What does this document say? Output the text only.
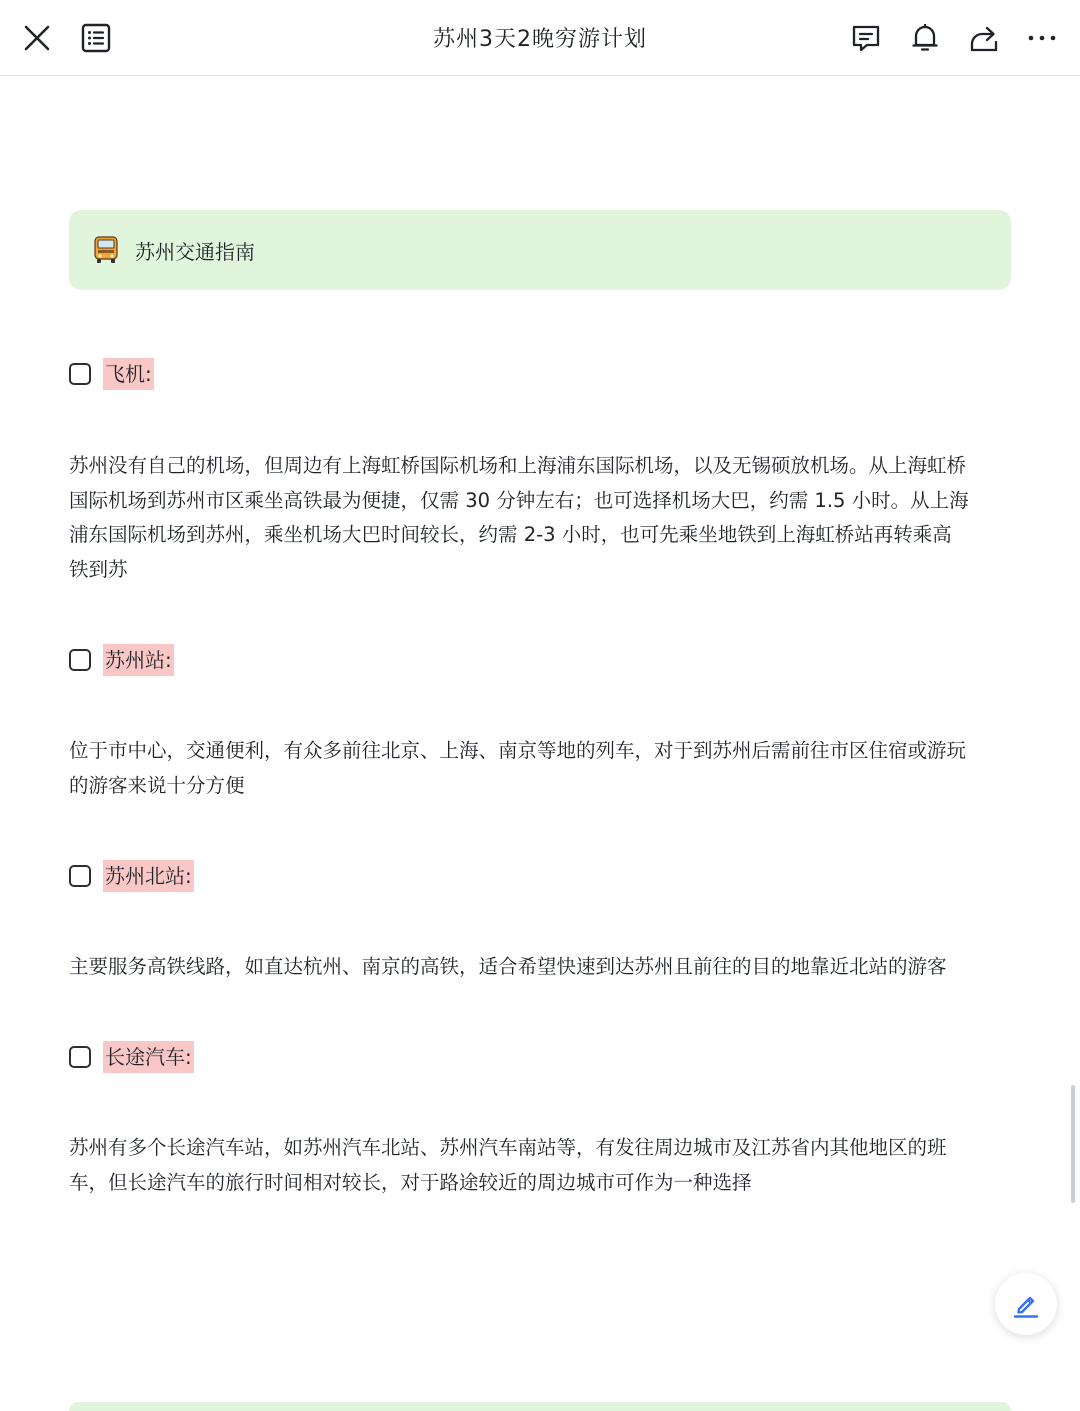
苏州3天2晚穷游计划
苏州交通指南
飞机:
苏州没有自己的机场，但周边有上海虹桥国际机场和上海浦东国际机场，以及无锡硕放机场。从上海虹桥
国际机场到苏州市区乘坐高铁最为便捷，仅需 30 分钟左右；也可选择机场大巴，约需 1.5 小时。从上海
浦东国际机场到苏州，乘坐机场大巴时间较长，约需 2-3 小时，也可先乘坐地铁到上海虹桥站再转乘高
铁到苏
苏州站:
位于市中心，交通便利，有众多前往北京、上海、南京等地的列车，对于到苏州后需前往市区住宿或游玩
的游客来说十分方便
苏州北站:
主要服务高铁线路，如直达杭州、南京的高铁，适合希望快速到达苏州且前往的目的地靠近北站的游客
长途汽车:
苏州有多个长途汽车站，如苏州汽车北站、苏州汽车南站等，有发往周边城市及江苏省内其他地区的班
车，但长途汽车的旅行时间相对较长，对于路途较近的周边城市可作为一种选择
